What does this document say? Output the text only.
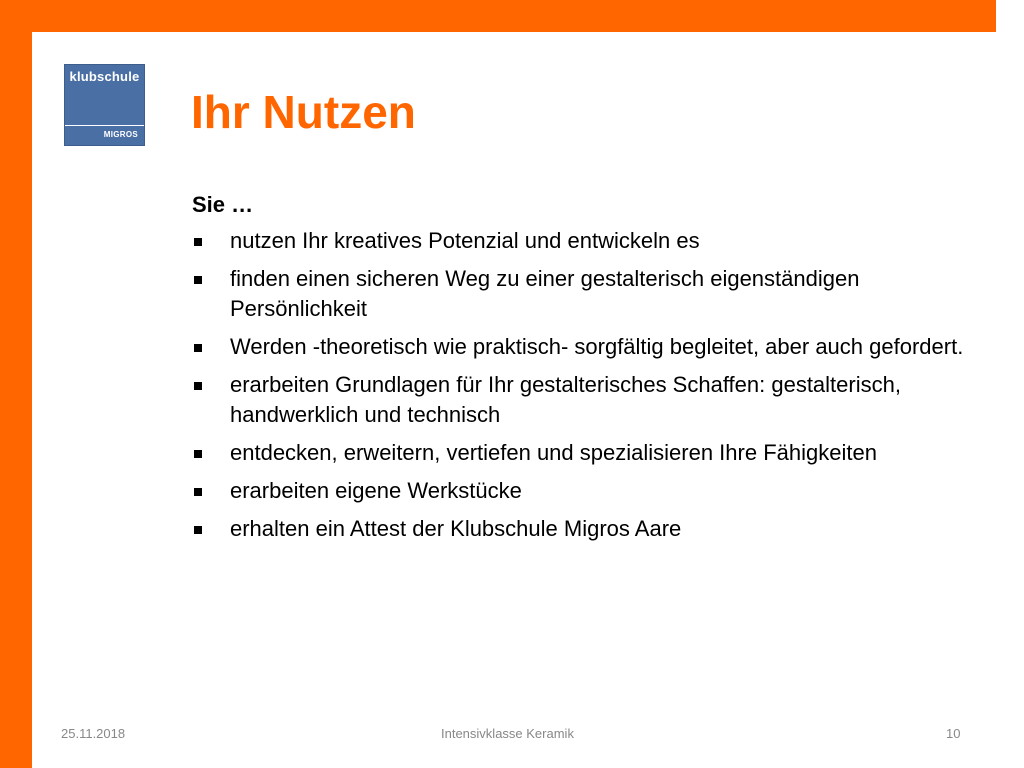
klubschule
MIGROS Ihr Nutzen
Sie …
nutzen Ihr kreatives Potenzial und entwickeln es
finden einen sicheren Weg zu einer gestalterisch eigenständigen Persönlichkeit
Werden -theoretisch wie praktisch- sorgfältig begleitet, aber auch gefordert.
erarbeiten Grundlagen für Ihr gestalterisches Schaffen: gestalterisch, handwerklich und technisch
entdecken, erweitern, vertiefen und spezialisieren Ihre Fähigkeiten
erarbeiten eigene Werkstücke
erhalten ein Attest der Klubschule Migros Aare
25.11.2018	Intensivklasse Keramik	10
